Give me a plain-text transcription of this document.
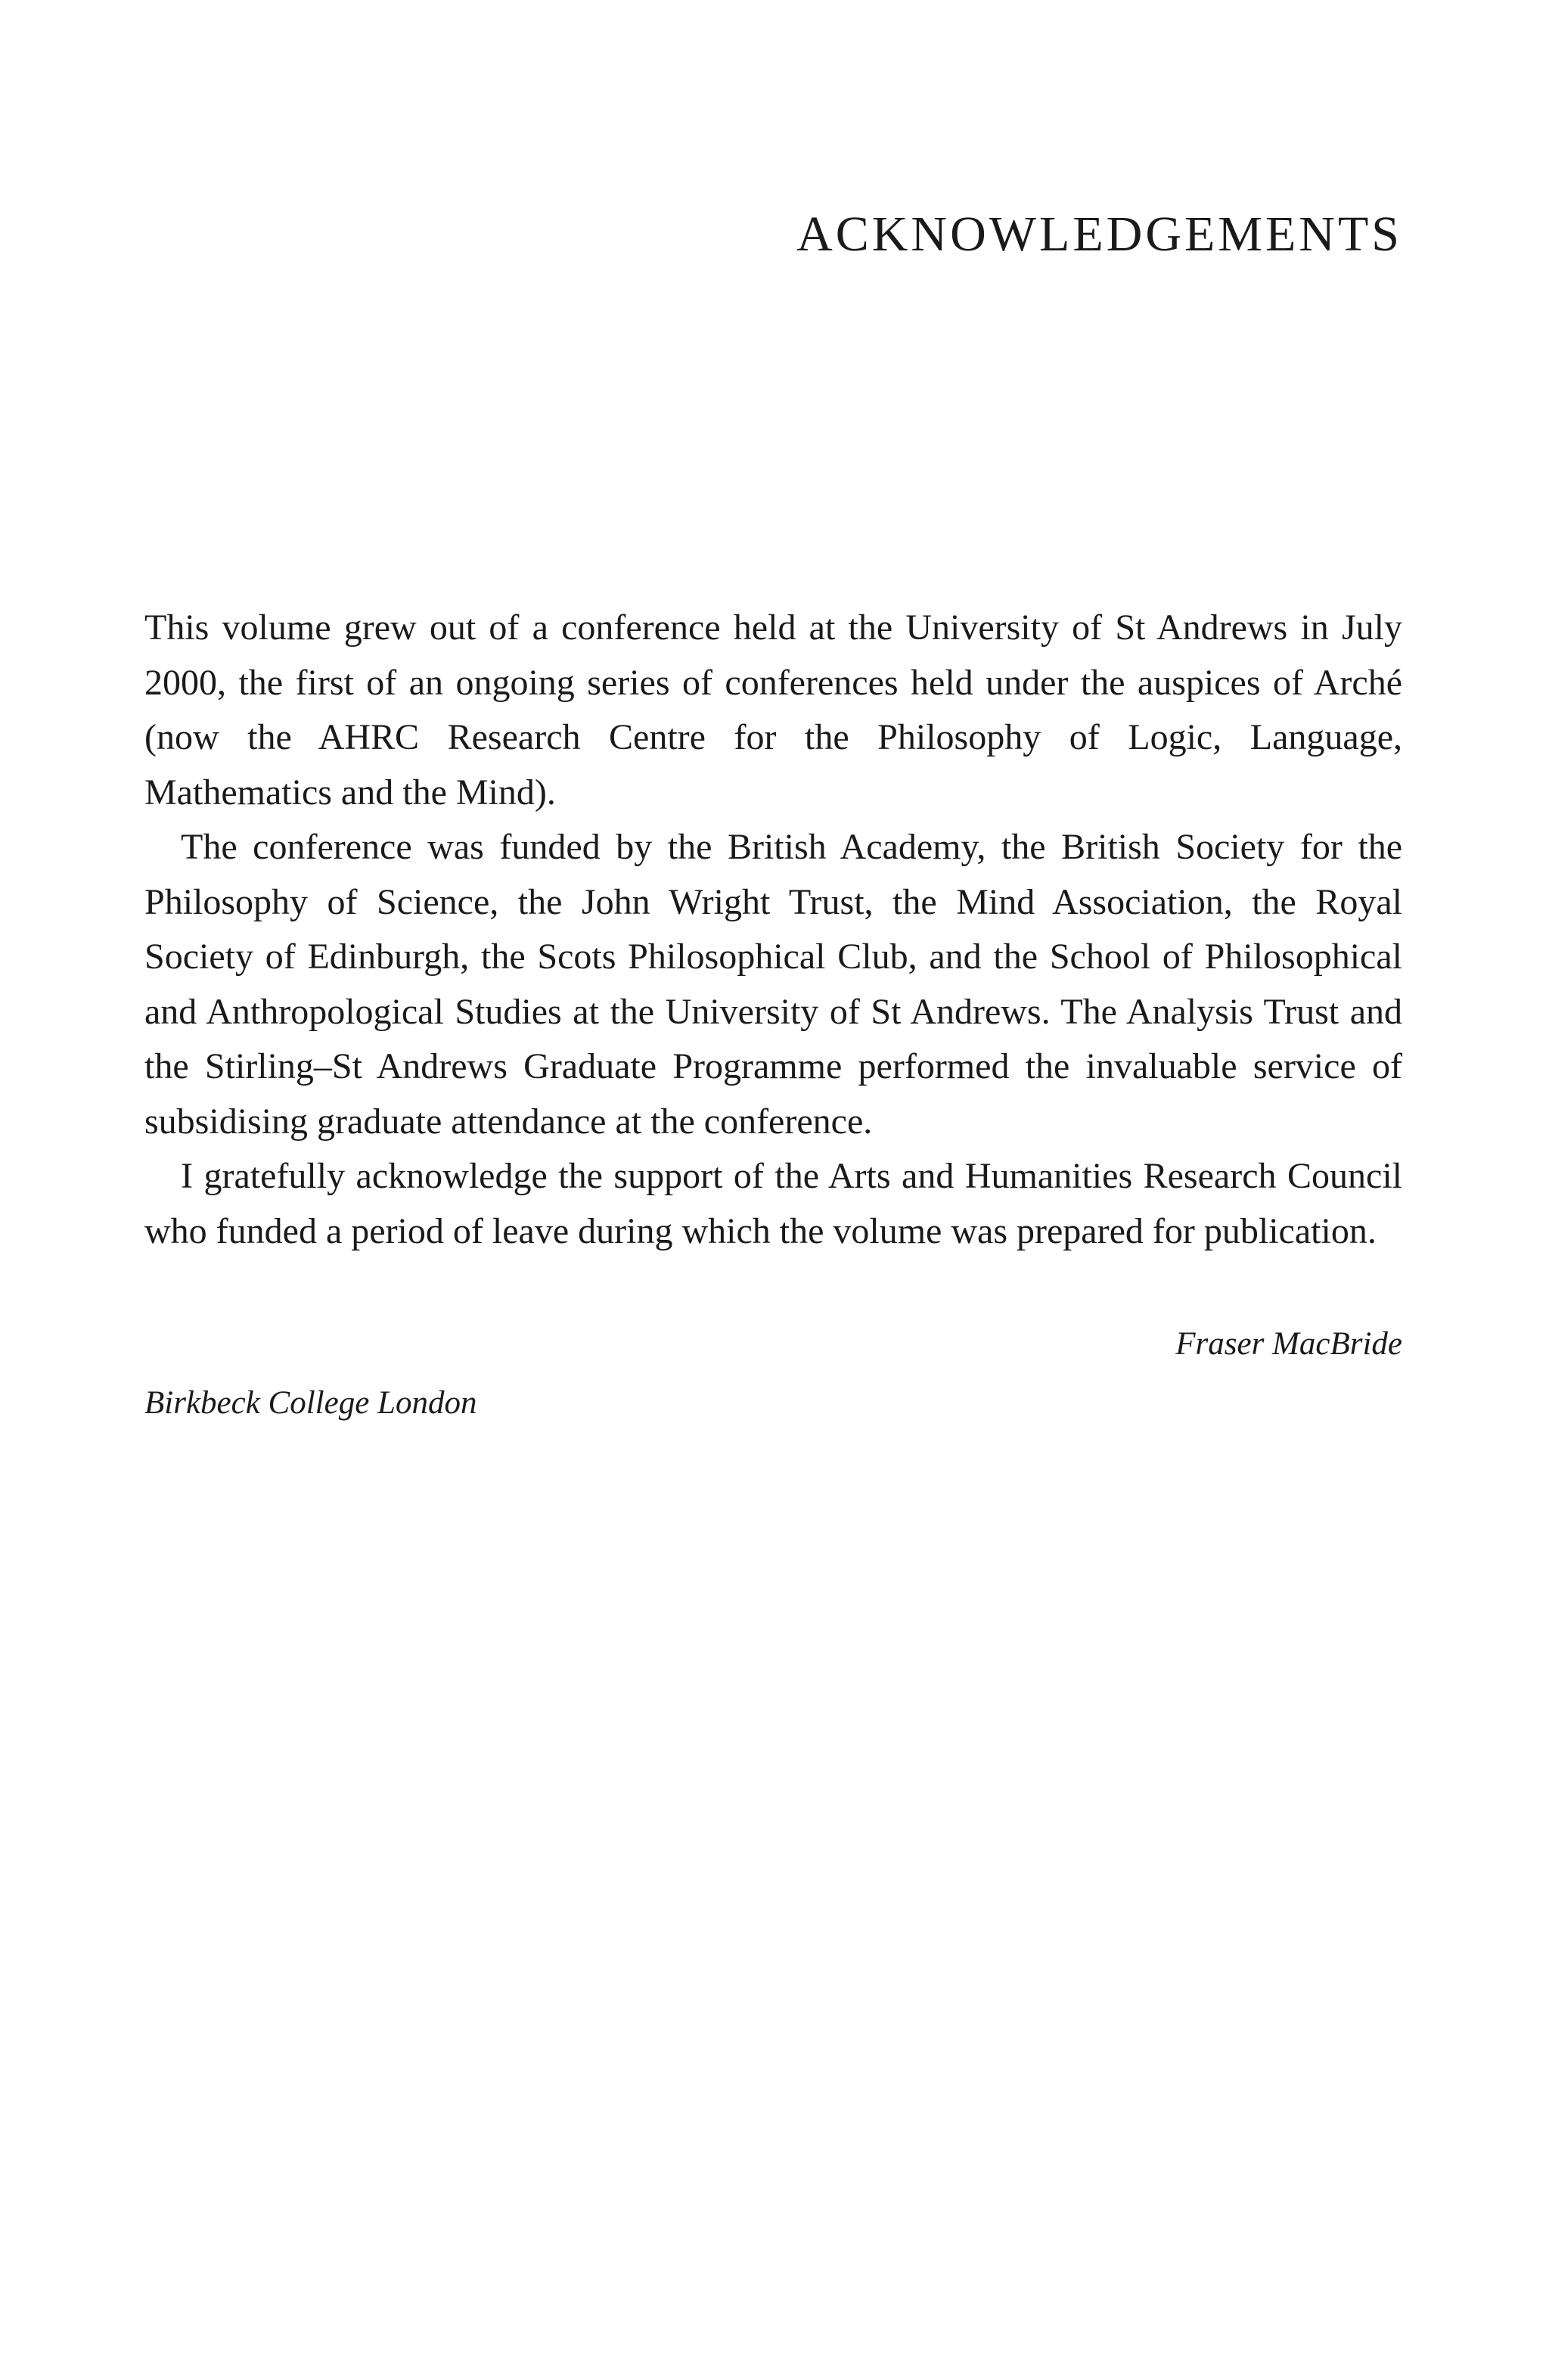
ACKNOWLEDGEMENTS

This volume grew out of a conference held at the University of St Andrews in July 2000, the first of an ongoing series of conferences held under the auspices of Arché (now the AHRC Research Centre for the Philosophy of Logic, Language, Mathematics and the Mind).

The conference was funded by the British Academy, the British Society for the Philosophy of Science, the John Wright Trust, the Mind Association, the Royal Society of Edinburgh, the Scots Philosophical Club, and the School of Philosophical and Anthropological Studies at the University of St Andrews. The Analysis Trust and the Stirling–St Andrews Graduate Programme performed the invaluable service of subsidising graduate attendance at the conference.

I gratefully acknowledge the support of the Arts and Humanities Research Council who funded a period of leave during which the volume was prepared for publication.

Fraser MacBride
Birkbeck College London
